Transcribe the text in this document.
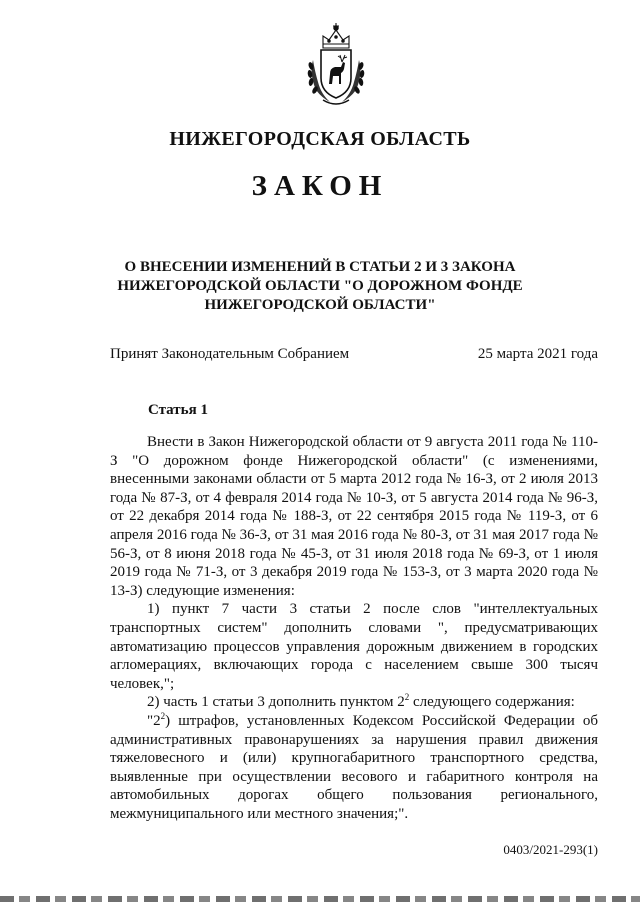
НИЖЕГОРОДСКАЯ ОБЛАСТЬ
ЗАКОН
О ВНЕСЕНИИ ИЗМЕНЕНИЙ В СТАТЬИ 2 И 3 ЗАКОНА
НИЖЕГОРОДСКОЙ ОБЛАСТИ "О ДОРОЖНОМ ФОНДЕ
НИЖЕГОРОДСКОЙ ОБЛАСТИ"
Принят Законодательным Собранием	25 марта 2021 года
Статья 1

Внести в Закон Нижегородской области от 9 августа 2011 года № 110-З "О дорожном фонде Нижегородской области" (с изменениями, внесенными законами области от 5 марта 2012 года № 16-З, от 2 июля 2013 года № 87-З, от 4 февраля 2014 года № 10-З, от 5 августа 2014 года № 96-З, от 22 декабря 2014 года № 188-З, от 22 сентября 2015 года № 119-З, от 6 апреля 2016 года № 36-З, от 31 мая 2016 года № 80-З, от 31 мая 2017 года № 56-З, от 8 июня 2018 года № 45-З, от 31 июля 2018 года № 69-З, от 1 июля 2019 года № 71-З, от 3 декабря 2019 года № 153-З, от 3 марта 2020 года № 13-З) следующие изменения:

1) пункт 7 части 3 статьи 2 после слов "интеллектуальных транспортных систем" дополнить словами ", предусматривающих автоматизацию процессов управления дорожным движением в городских агломерациях, включающих города с населением свыше 300 тысяч человек,";

2) часть 1 статьи 3 дополнить пунктом $2^2$ следующего содержания:

"$2^2$) штрафов, установленных Кодексом Российской Федерации об административных правонарушениях за нарушения правил движения тяжеловесного и (или) крупногабаритного транспортного средства, выявленные при осуществлении весового и габаритного контроля на автомобильных дорогах общего пользования регионального, межмуниципального или местного значения;".

0403/2021-293(1)
